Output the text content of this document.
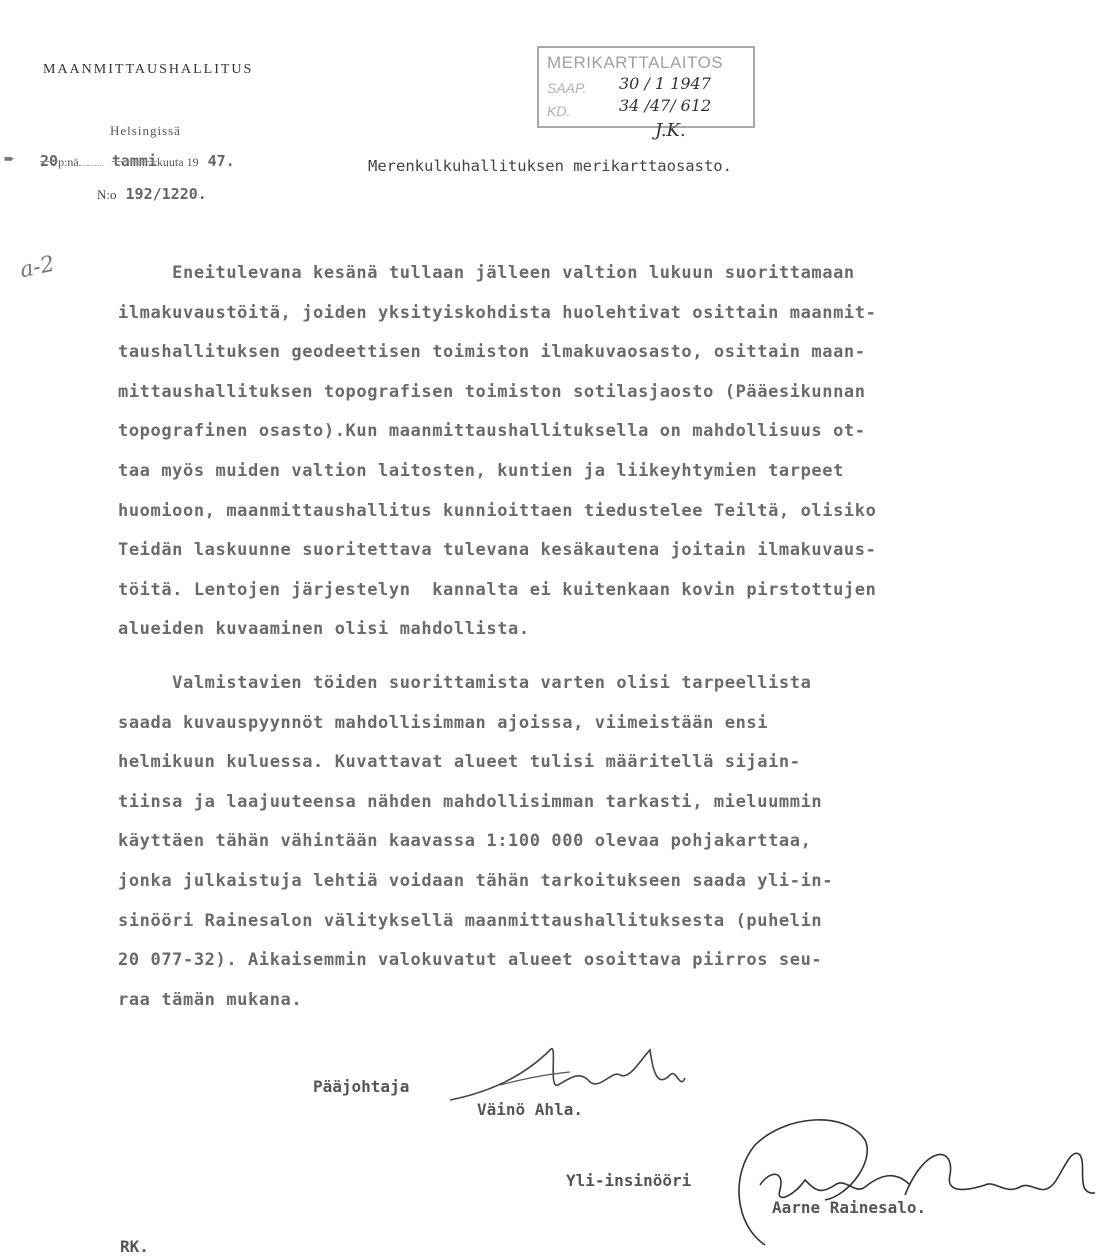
MAANMITTAUSHALLITUS
Helsingissä
➨ 20p:nä tammikuuta 19 47.
N:o 192/1220.
Merenkulkuhallituksen merikarttaosasto.
MERIKARTTALAITOS
SAAP. 30 / 1 1947
KD.	34 /47/ 612
J.K.
a-2	Eneitulevana kesänä tullaan jälleen valtion lukuun suorittamaan
ilmakuvaustöitä, joiden yksityiskohdista huolehtivat osittain maanmit-
taushallituksen geodeettisen toimiston ilmakuvaosasto, osittain maan-
mittaushallituksen topografisen toimiston sotilasjaosto (Pääesikunnan
topografinen osasto).Kun maanmittaushallituksella on mahdollisuus ot-
taa myös muiden valtion laitosten, kuntien ja liikeyhtymien tarpeet
huomioon, maanmittaushallitus kunnioittaen tiedustelee Teiltä, olisiko
Teidän laskuunne suoritettava tulevana kesäkautena joitain ilmakuvaus-
töitä. Lentojen järjestelyn  kannalta ei kuitenkaan kovin pirstottujen
alueiden kuvaaminen olisi mahdollista.
Valmistavien töiden suorittamista varten olisi tarpeellista
saada kuvauspyynnöt mahdollisimman ajoissa, viimeistään ensi
helmikuun kuluessa. Kuvattavat alueet tulisi määritellä sijain-
tiinsa ja laajuuteensa nähden mahdollisimman tarkasti, mieluummin
käyttäen tähän vähintään kaavassa 1:100 000 olevaa pohjakarttaa,
jonka julkaistuja lehtiä voidaan tähän tarkoitukseen saada yli-in-
sinööri Rainesalon välityksellä maanmittaushallituksesta (puhelin
20 077-32). Aikaisemmin valokuvatut alueet osoittava piirros seu-
raa tämän mukana.
Pääjohtaja
Väinö Ahla.
Yli-insinööri
Aarne Rainesalo.
RK.
